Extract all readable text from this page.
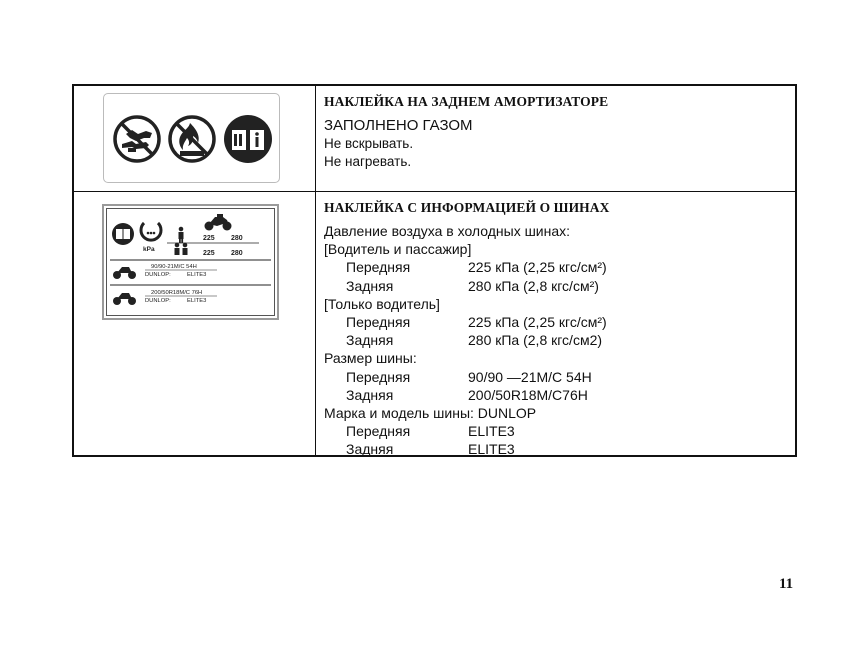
НАКЛЕЙКА НА ЗАДНЕМ АМОРТИЗАТОРЕ
ЗАПОЛНЕНО ГАЗОМ
Не вскрывать.
Не нагревать.
kPa
225 280
225 280
90/90-21M/C 54H
DUNLOP:	ELITE3
200/50R18M/C 76H
DUNLOP:	ELITE3
НАКЛЕЙКА С ИНФОРМАЦИЕЙ О ШИНАХ
Давление воздуха в холодных шинах:
[Водитель и пассажир]
Передняя	225 кПа (2,25 кгс/см²)
Задняя	280 кПа (2,8 кгс/см²)
[Только водитель]
Передняя	225 кПа (2,25 кгс/см²)
Задняя	280 кПа (2,8 кгс/см2)
Размер шины:
Передняя	90/90 —21M/C 54H
Задняя	200/50R18M/C76H
Марка и модель шины: DUNLOP
Передняя	ELITE3
Задняя	ELITE3
11
